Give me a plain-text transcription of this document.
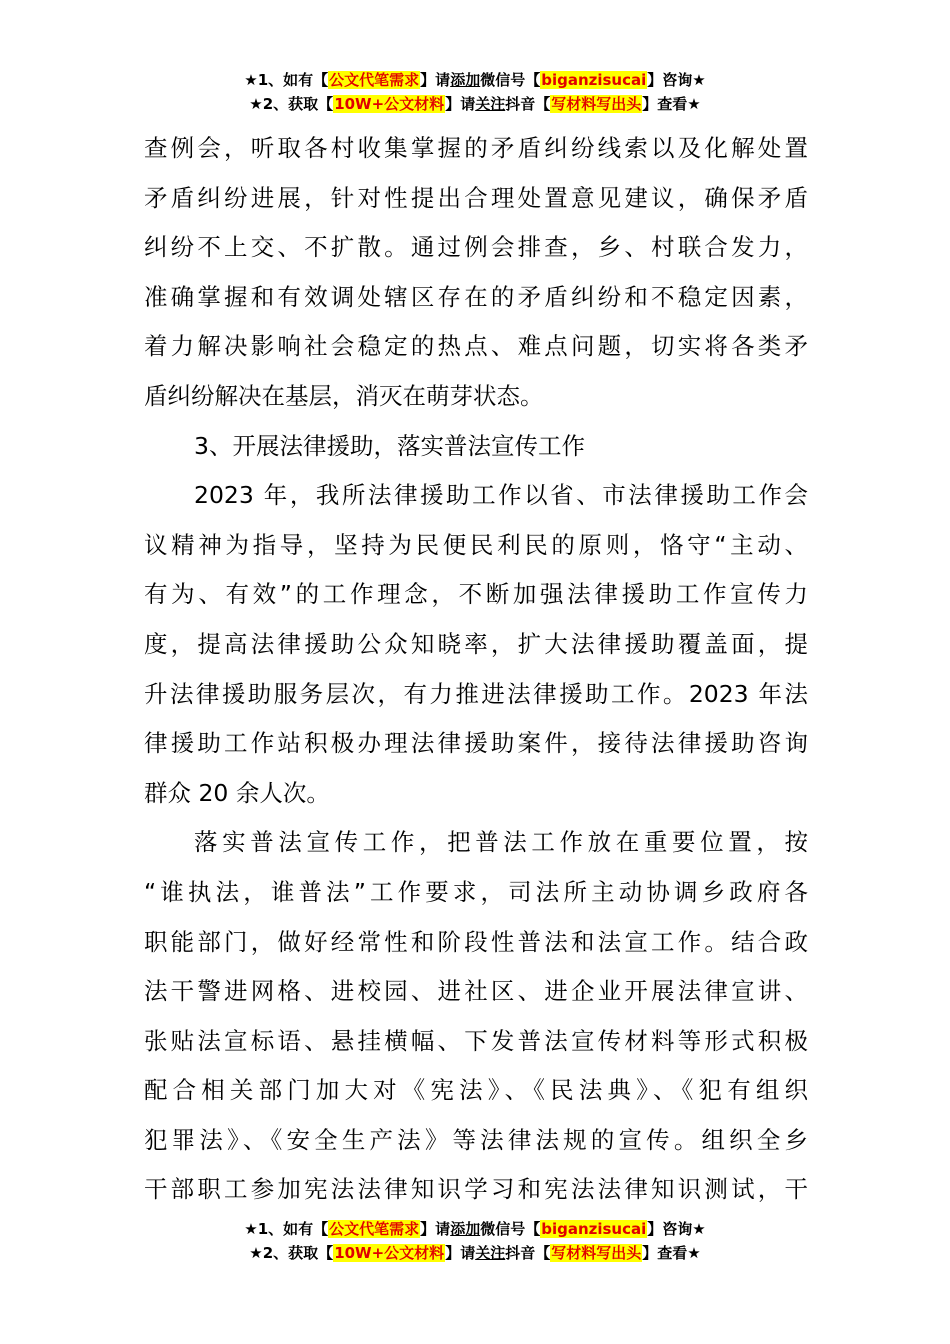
★1、如有【公文代笔需求】请添加微信号【biganzisucai】咨询★
★2、获取【10W+公文材料】请关注抖音【写材料写出头】查看★
查例会，听取各村收集掌握的矛盾纠纷线索以及化解处置
矛盾纠纷进展，针对性提出合理处置意见建议，确保矛盾
纠纷不上交、不扩散。通过例会排查，乡、村联合发力，
准确掌握和有效调处辖区存在的矛盾纠纷和不稳定因素，
着力解决影响社会稳定的热点、难点问题，切实将各类矛
盾纠纷解决在基层，消灭在萌芽状态。
3、开展法律援助，落实普法宣传工作
2023 年，我所法律援助工作以省、市法律援助工作会
议精神为指导，坚持为民便民利民的原则，恪守“主动、
有为、有效”的工作理念，不断加强法律援助工作宣传力
度，提高法律援助公众知晓率，扩大法律援助覆盖面，提
升法律援助服务层次，有力推进法律援助工作。2023 年法
律援助工作站积极办理法律援助案件，接待法律援助咨询
群众 20 余人次。
落实普法宣传工作，把普法工作放在重要位置，按
“谁执法，谁普法”工作要求，司法所主动协调乡政府各
职能部门，做好经常性和阶段性普法和法宣工作。结合政
法干警进网格、进校园、进社区、进企业开展法律宣讲、
张贴法宣标语、悬挂横幅、下发普法宣传材料等形式积极
配合相关部门加大对《宪法》、《民法典》、《犯有组织
犯罪法》、《安全生产法》等法律法规的宣传。组织全乡
干部职工参加宪法法律知识学习和宪法法律知识测试，干
★1、如有【公文代笔需求】请添加微信号【biganzisucai】咨询★
★2、获取【10W+公文材料】请关注抖音【写材料写出头】查看★
